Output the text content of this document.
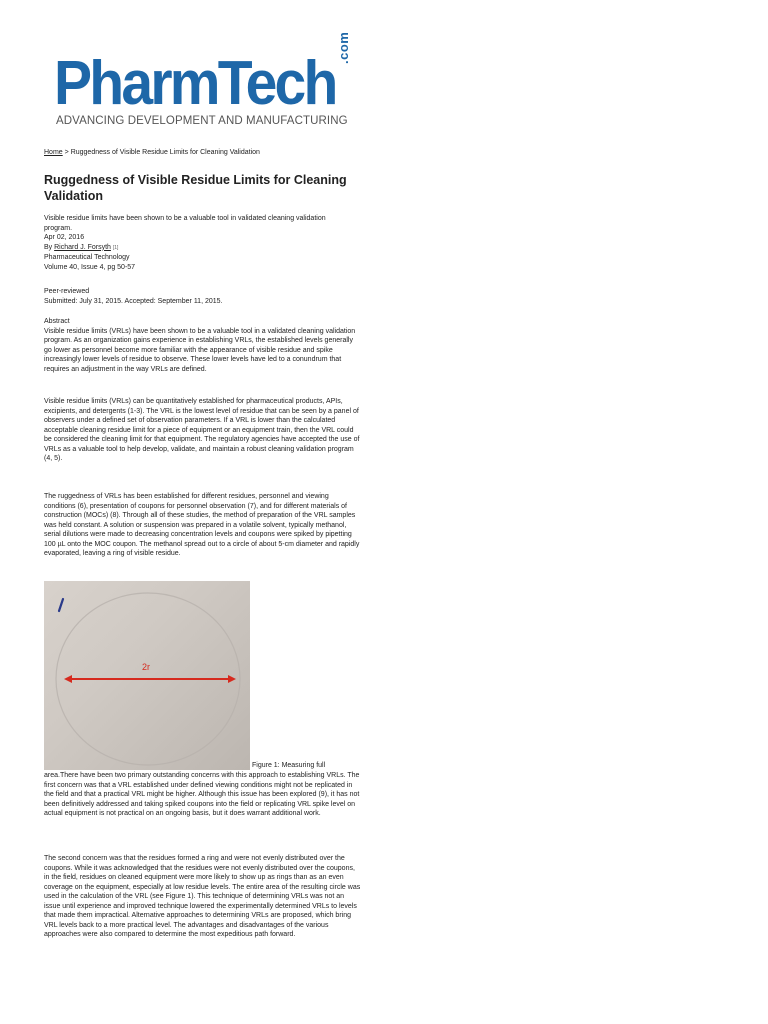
PharmTech
.com
ADVANCING DEVELOPMENT AND MANUFACTURING
Home > Ruggedness of Visible Residue Limits for Cleaning Validation
Ruggedness of Visible Residue Limits for Cleaning Validation
Visible residue limits have been shown to be a valuable tool in validated cleaning validation program.
Apr 02, 2016
By Richard J. Forsyth [1]
Pharmaceutical Technology
Volume 40, Issue 4, pg 50-57
Peer-reviewed
Submitted: July 31, 2015. Accepted: September 11, 2015.
Abstract
Visible residue limits (VRLs) have been shown to be a valuable tool in a validated cleaning validation program. As an organization gains experience in establishing VRLs, the established levels generally go lower as personnel become more familiar with the appearance of visible residue and spike increasingly lower levels of residue to observe. These lower levels have led to a conundrum that requires an adjustment in the way VRLs are defined.

Visible residue limits (VRLs) can be quantitatively established for pharmaceutical products, APIs, excipients, and detergents (1-3). The VRL is the lowest level of residue that can be seen by a panel of observers under a defined set of observation parameters. If a VRL is lower than the calculated acceptable cleaning residue limit for a piece of equipment or an equipment train, then the VRL could be considered the cleaning limit for that equipment. The regulatory agencies have accepted the use of VRLs as a valuable tool to help develop, validate, and maintain a robust cleaning validation program (4, 5).

The ruggedness of VRLs has been established for different residues, personnel and viewing conditions (6), presentation of coupons for personnel observation (7), and for different materials of construction (MOCs) (8). Through all of these studies, the method of preparation of the VRL samples was held constant. A solution or suspension was prepared in a volatile solvent, typically methanol, serial dilutions were made to decreasing concentration levels and coupons were spiked by pipetting 100 µL onto the MOC coupon. The methanol spread out to a circle of about 5-cm diameter and rapidly evaporated, leaving a ring of visible residue.

2r
Figure 1: Measuring full

area.There have been two primary outstanding concerns with this approach to establishing VRLs. The first concern was that a VRL established under defined viewing conditions might not be replicated in the field and that a practical VRL might be higher. Although this issue has been explored (9), it has not been definitively addressed and taking spiked coupons into the field or replicating VRL spike level on actual equipment is not practical on an ongoing basis, but it does warrant additional work.

The second concern was that the residues formed a ring and were not evenly distributed over the coupons. While it was acknowledged that the residues were not evenly distributed over the coupons, in the field, residues on cleaned equipment were more likely to show up as rings than as an even coverage on the equipment, especially at low residue levels. The entire area of the resulting circle was used in the calculation of the VRL (see Figure 1). This technique of determining VRLs was not an issue until experience and improved technique lowered the experimentally determined VRLs to levels that made them impractical. Alternative approaches to determining VRLs are proposed, which bring VRL levels back to a more practical level. The advantages and disadvantages of the various approaches were also compared to determine the most expeditious path forward.
